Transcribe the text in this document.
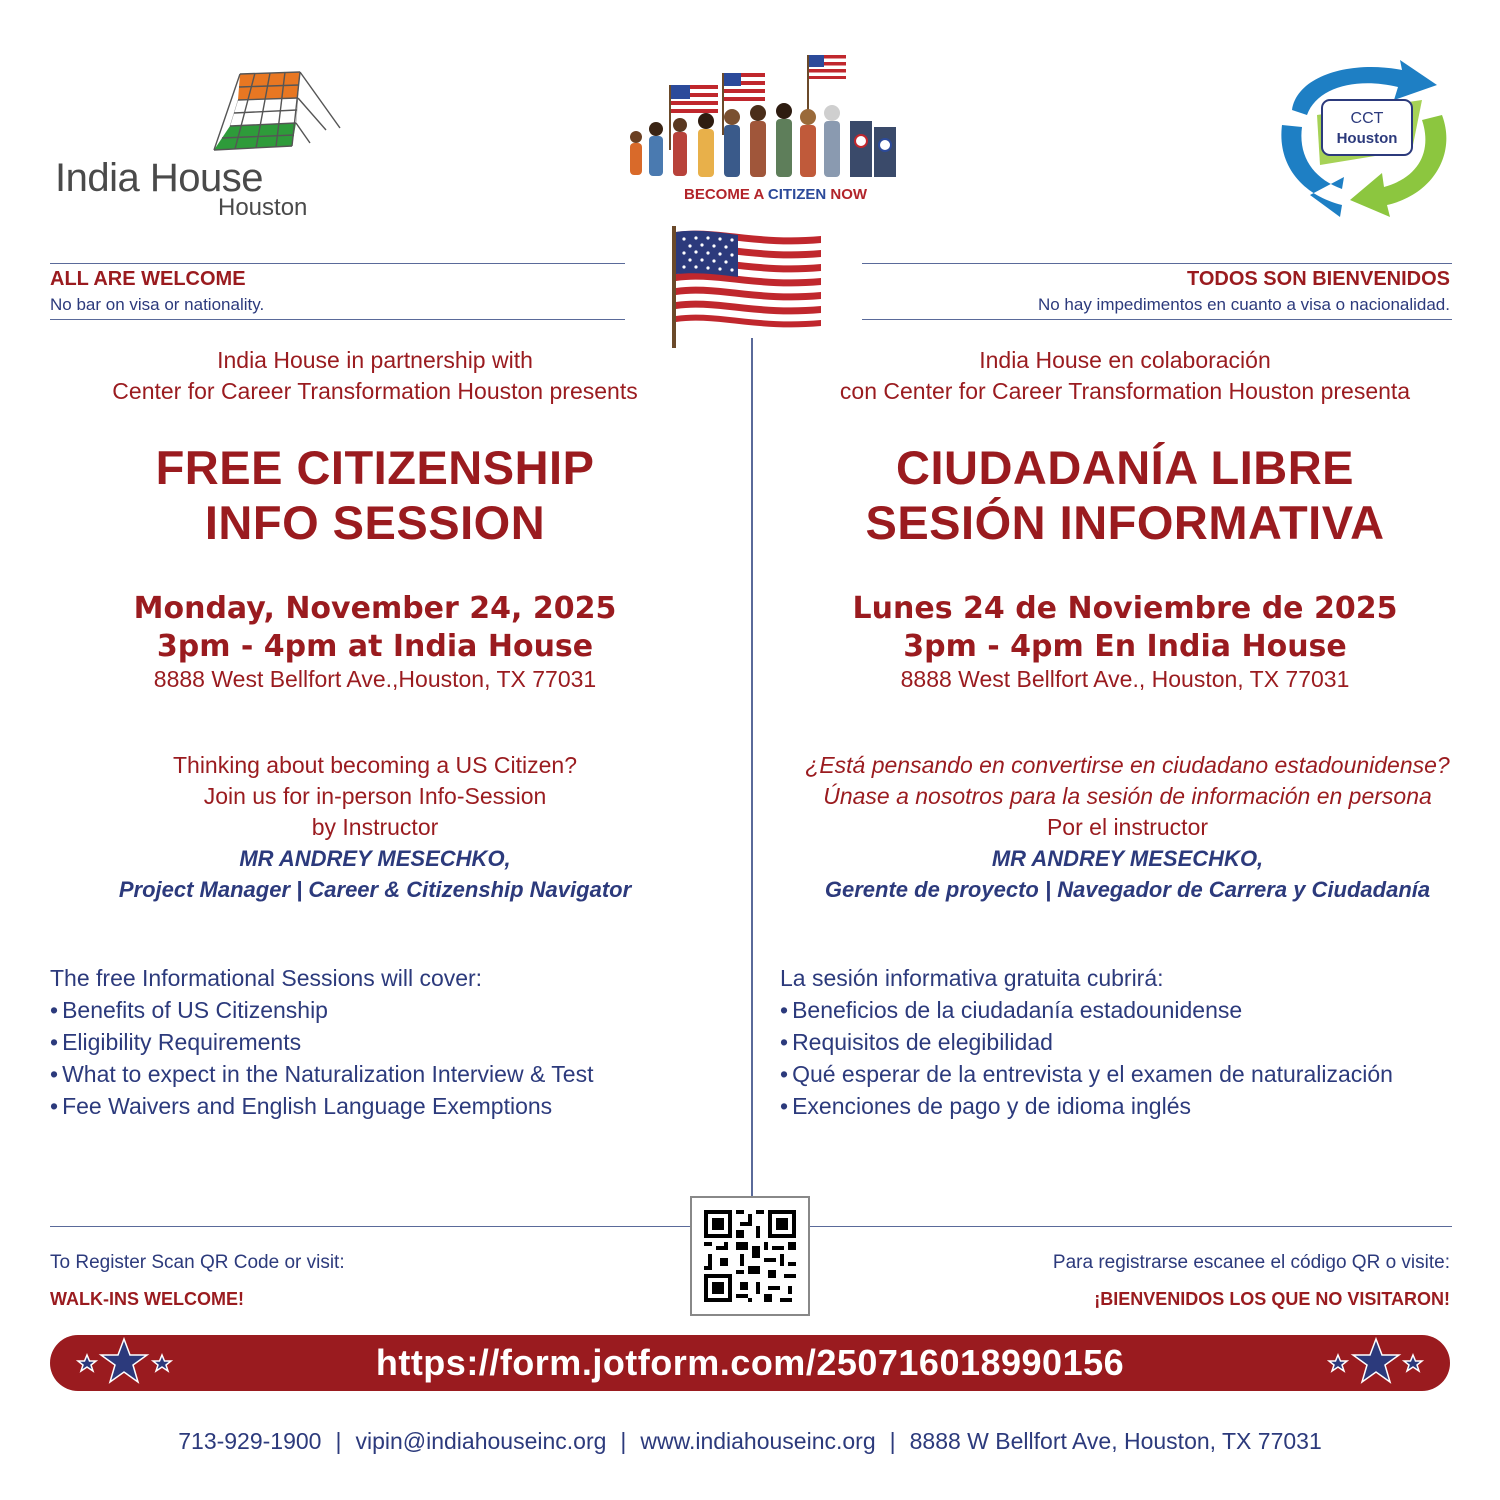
India House
Houston	BECOME A CITIZEN NOW
CCT
Houston
ALL ARE WELCOME
No bar on visa or nationality.
TODOS SON BIENVENIDOS
No hay impedimentos en cuanto a visa o nacionalidad.
India House in partnership with
Center for Career Transformation Houston presents
FREE CITIZENSHIP
INFO SESSION
Monday, November 24, 2025
3pm - 4pm at India House
8888 West Bellfort Ave.,Houston, TX 77031
Thinking about becoming a US Citizen?
Join us for in-person Info-Session
by Instructor
MR ANDREY MESECHKO,
Project Manager | Career & Citizenship Navigator
The free Informational Sessions will cover:
• Benefits of US Citizenship
• Eligibility Requirements
• What to expect in the Naturalization Interview & Test
• Fee Waivers and English Language Exemptions
India House en colaboración
con Center for Career Transformation Houston presenta
CIUDADANÍA LIBRE
SESIÓN INFORMATIVA
Lunes 24 de Noviembre de 2025
3pm - 4pm En India House
8888 West Bellfort Ave., Houston, TX 77031
¿Está pensando en convertirse en ciudadano estadounidense?
Únase a nosotros para la sesión de información en persona
Por el instructor
MR ANDREY MESECHKO,
Gerente de proyecto | Navegador de Carrera y Ciudadanía
La sesión informativa gratuita cubrirá:
• Beneficios de la ciudadanía estadounidense
• Requisitos de elegibilidad
• Qué esperar de la entrevista y el examen de naturalización
• Exenciones de pago y de idioma inglés
To Register Scan QR Code or visit:
WALK-INS WELCOME!
Para registrarse escanee el código QR o visite:
¡BIENVENIDOS LOS QUE NO VISITARON!
https://form.jotform.com/250716018990156
713-929-1900 | vipin@indiahouseinc.org | www.indiahouseinc.org | 8888 W Bellfort Ave, Houston, TX 77031
